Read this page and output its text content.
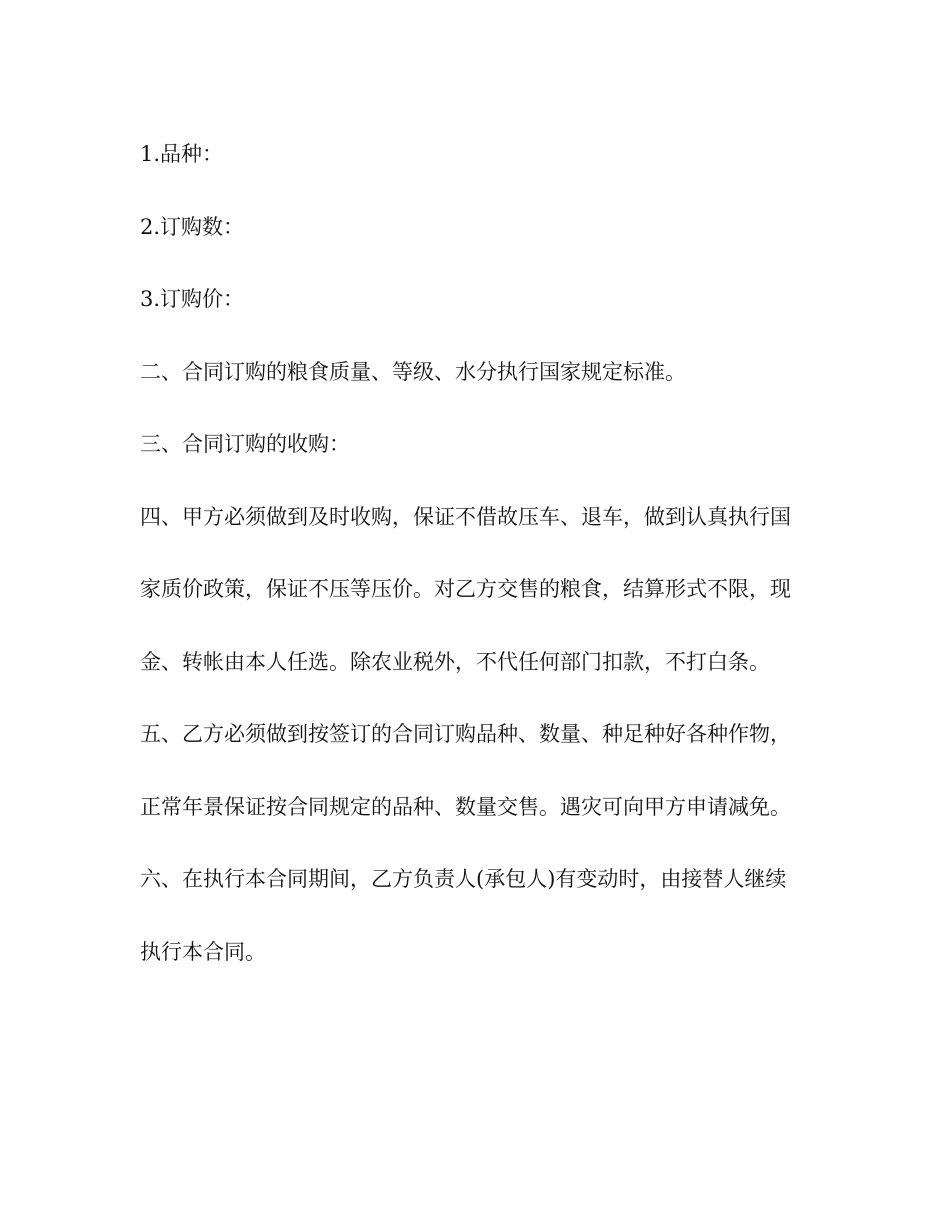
1.品种：

2.订购数：

3.订购价：

二、合同订购的粮食质量、等级、水分执行国家规定标准。

三、合同订购的收购：

四、甲方必须做到及时收购，保证不借故压车、退车，做到认真执行国家质价政策，保证不压等压价。对乙方交售的粮食，结算形式不限，现金、转帐由本人任选。除农业税外，不代任何部门扣款，不打白条。

五、乙方必须做到按签订的合同订购品种、数量、种足种好各种作物，正常年景保证按合同规定的品种、数量交售。遇灾可向甲方申请减免。

六、在执行本合同期间，乙方负责人(承包人)有变动时，由接替人继续执行本合同。
